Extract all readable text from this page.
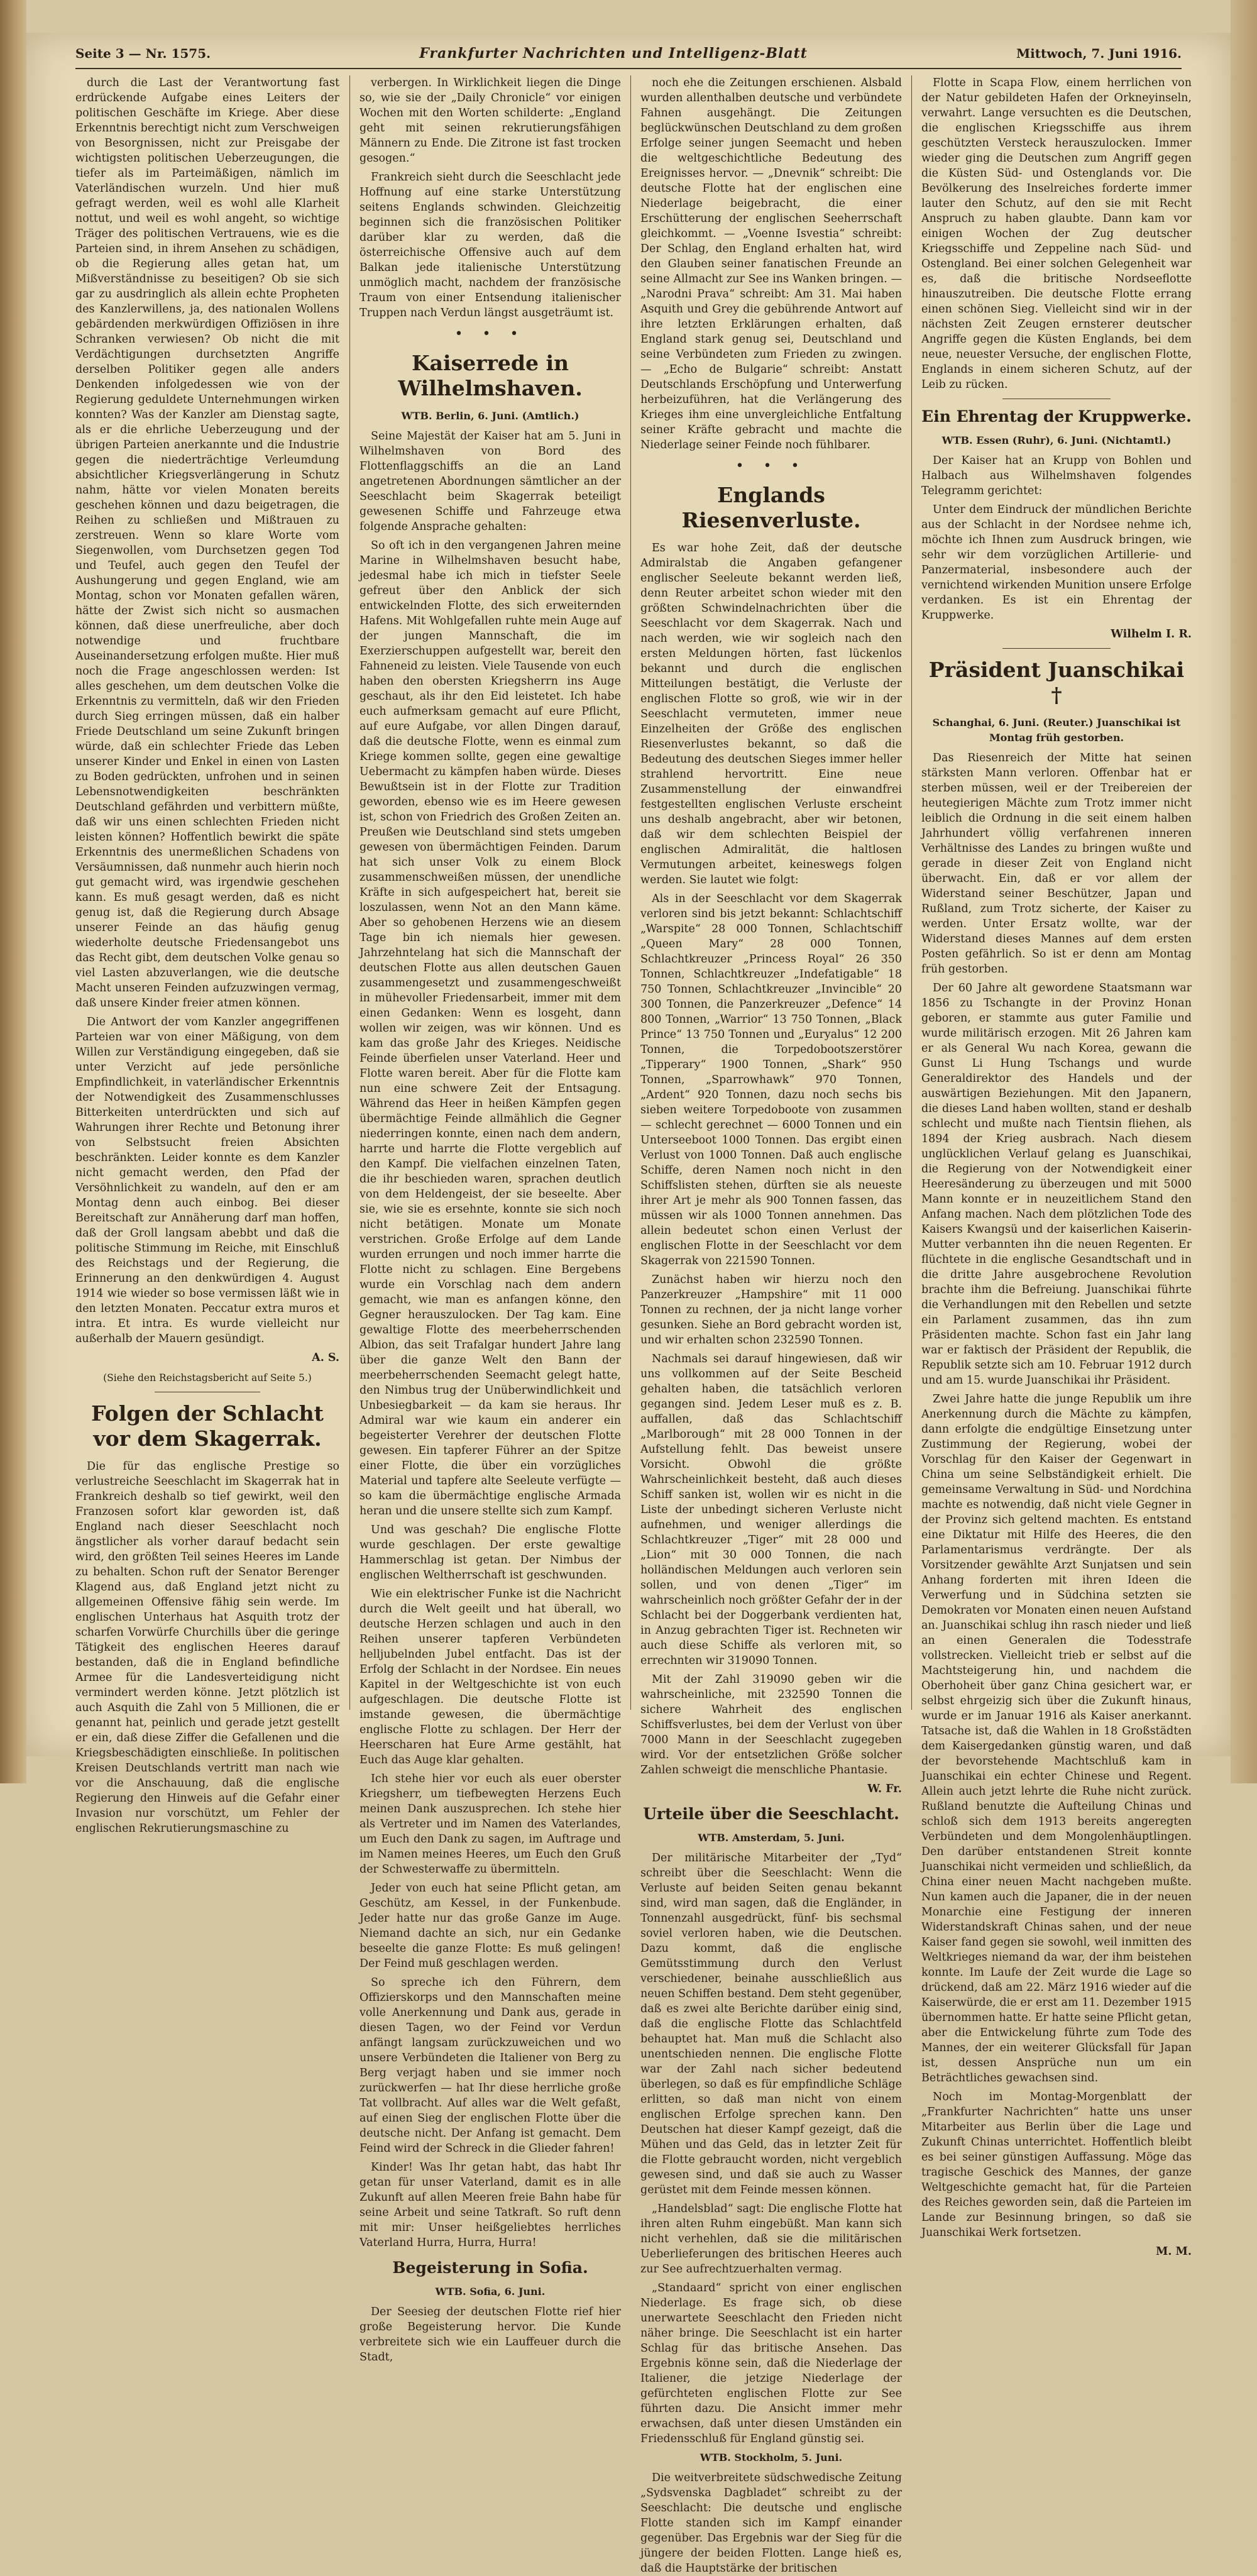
Seite 3 — Nr. 1575.	Frankfurter Nachrichten und Intelligenz-Blatt	Mittwoch, 7. Juni 1916.

durch die Last der Verantwortung fast erdrückende Aufgabe eines Leiters der politischen Geschäfte im Kriege. Aber diese Erkenntnis berechtigt nicht zum Verschweigen von Besorgnissen, nicht zur Preisgabe der wichtigsten politischen Ueberzeugungen, die tiefer als im Parteimäßigen, nämlich im Vaterländischen wurzeln. Und hier muß gefragt werden, weil es wohl alle Klarheit nottut, und weil es wohl angeht, so wichtige Träger des politischen Vertrauens, wie es die Parteien sind, in ihrem Ansehen zu schädigen, ob die Regierung alles getan hat, um Mißverständnisse zu beseitigen? Ob sie sich gar zu ausdringlich als allein echte Propheten des Kanzlerwillens, ja, des nationalen Wollens gebärdenden merkwürdigen Offiziösen in ihre Schranken verwiesen? Ob nicht die mit Verdächtigungen durchsetzten Angriffe derselben Politiker gegen alle anders Denkenden infolgedessen wie von der Regierung geduldete Unternehmungen wirken konnten? Was der Kanzler am Dienstag sagte, als er die ehrliche Ueberzeugung und der übrigen Parteien anerkannte und die Industrie gegen die niederträchtige Verleumdung absichtlicher Kriegsverlängerung in Schutz nahm, hätte vor vielen Monaten bereits geschehen können und dazu beigetragen, die Reihen zu schließen und Mißtrauen zu zerstreuen. Wenn so klare Worte vom Siegenwollen, vom Durchsetzen gegen Tod und Teufel, auch gegen den Teufel der Aushungerung und gegen England, wie am Montag, schon vor Monaten gefallen wären, hätte der Zwist sich nicht so ausmachen können, daß diese unerfreuliche, aber doch notwendige und fruchtbare Auseinandersetzung erfolgen mußte. Hier muß noch die Frage angeschlossen werden: Ist alles geschehen, um dem deutschen Volke die Erkenntnis zu vermitteln, daß wir den Frieden durch Sieg erringen müssen, daß ein halber Friede Deutschland um seine Zukunft bringen würde, daß ein schlechter Friede das Leben unserer Kinder und Enkel in einen von Lasten zu Boden gedrückten, unfrohen und in seinen Lebensnotwendigkeiten beschränkten Deutschland gefährden und verbittern müßte, daß wir uns einen schlechten Frieden nicht leisten können? Hoffentlich bewirkt die späte Erkenntnis des unermeßlichen Schadens von Versäumnissen, daß nunmehr auch hierin noch gut gemacht wird, was irgendwie geschehen kann. Es muß gesagt werden, daß es nicht genug ist, daß die Regierung durch Absage unserer Feinde an das häufig genug wiederholte deutsche Friedensangebot uns das Recht gibt, dem deutschen Volke genau so viel Lasten abzuverlangen, wie die deutsche Macht unseren Feinden aufzuzwingen vermag, daß unsere Kinder freier atmen können.

Die Antwort der vom Kanzler angegriffenen Parteien war von einer Mäßigung, von dem Willen zur Verständigung eingegeben, daß sie unter Verzicht auf jede persönliche Empfindlichkeit, in vaterländischer Erkenntnis der Notwendigkeit des Zusammenschlusses Bitterkeiten unterdrückten und sich auf Wahrungen ihrer Rechte und Betonung ihrer von Selbstsucht freien Absichten beschränkten. Leider konnte es dem Kanzler nicht gemacht werden, den Pfad der Versöhnlichkeit zu wandeln, auf den er am Montag denn auch einbog. Bei dieser Bereitschaft zur Annäherung darf man hoffen, daß der Groll langsam abebbt und daß die politische Stimmung im Reiche, mit Einschluß des Reichstags und der Regierung, die Erinnerung an den denkwürdigen 4. August 1914 wie wieder so bose vermissen läßt wie in den letzten Monaten. Peccatur extra muros et intra. Et intra. Es wurde vielleicht nur außerhalb der Mauern gesündigt.

A. S.
(Siehe den Reichstagsbericht auf Seite 5.)
Folgen der Schlacht vor dem Skagerrak.

Die für das englische Prestige so verlustreiche Seeschlacht im Skagerrak hat in Frankreich deshalb so tief gewirkt, weil den Franzosen sofort klar geworden ist, daß England nach dieser Seeschlacht noch ängstlicher als vorher darauf bedacht sein wird, den größten Teil seines Heeres im Lande zu behalten. Schon ruft der Senator Berenger Klagend aus, daß England jetzt nicht zu allgemeinen Offensive fähig sein werde. Im englischen Unterhaus hat Asquith trotz der scharfen Vorwürfe Churchills über die geringe Tätigkeit des englischen Heeres darauf bestanden, daß die in England befindliche Armee für die Landesverteidigung nicht vermindert werden könne. Jetzt plötzlich ist auch Asquith die Zahl von 5 Millionen, die er genannt hat, peinlich und gerade jetzt gestellt er ein, daß diese Ziffer die Gefallenen und die Kriegsbeschädigten einschließe. In politischen Kreisen Deutschlands vertritt man nach wie vor die Anschauung, daß die englische Regierung den Hinweis auf die Gefahr einer Invasion nur vorschützt, um Fehler der englischen Rekrutierungsmaschine zu

verbergen. In Wirklichkeit liegen die Dinge so, wie sie der „Daily Chronicle“ vor einigen Wochen mit den Worten schilderte: „England geht mit seinen rekrutierungsfähigen Männern zu Ende. Die Zitrone ist fast trocken gesogen.“

Frankreich sieht durch die Seeschlacht jede Hoffnung auf eine starke Unterstützung seitens Englands schwinden. Gleichzeitig beginnen sich die französischen Politiker darüber klar zu werden, daß die österreichische Offensive auch auf dem Balkan jede italienische Unterstützung unmöglich macht, nachdem der französische Traum von einer Entsendung italienischer Truppen nach Verdun längst ausgeträumt ist.

• • •
Kaiserrede in Wilhelmshaven.
WTB. Berlin, 6. Juni. (Amtlich.)

Seine Majestät der Kaiser hat am 5. Juni in Wilhelmshaven von Bord des Flottenflaggschiffs an die an Land angetretenen Abordnungen sämtlicher an der Seeschlacht beim Skagerrak beteiligt gewesenen Schiffe und Fahrzeuge etwa folgende Ansprache gehalten:

So oft ich in den vergangenen Jahren meine Marine in Wilhelmshaven besucht habe, jedesmal habe ich mich in tiefster Seele gefreut über den Anblick der sich entwickelnden Flotte, des sich erweiternden Hafens. Mit Wohlgefallen ruhte mein Auge auf der jungen Mannschaft, die im Exerzierschuppen aufgestellt war, bereit den Fahneneid zu leisten. Viele Tausende von euch haben den obersten Kriegsherrn ins Auge geschaut, als ihr den Eid leistetet. Ich habe euch aufmerksam gemacht auf eure Pflicht, auf eure Aufgabe, vor allen Dingen darauf, daß die deutsche Flotte, wenn es einmal zum Kriege kommen sollte, gegen eine gewaltige Uebermacht zu kämpfen haben würde. Dieses Bewußtsein ist in der Flotte zur Tradition geworden, ebenso wie es im Heere gewesen ist, schon von Friedrich des Großen Zeiten an. Preußen wie Deutschland sind stets umgeben gewesen von übermächtigen Feinden. Darum hat sich unser Volk zu einem Block zusammenschweißen müssen, der unendliche Kräfte in sich aufgespeichert hat, bereit sie loszulassen, wenn Not an den Mann käme. Aber so gehobenen Herzens wie an diesem Tage bin ich niemals hier gewesen. Jahrzehntelang hat sich die Mannschaft der deutschen Flotte aus allen deutschen Gauen zusammengesetzt und zusammengeschweißt in mühevoller Friedensarbeit, immer mit dem einen Gedanken: Wenn es losgeht, dann wollen wir zeigen, was wir können. Und es kam das große Jahr des Krieges. Neidische Feinde überfielen unser Vaterland. Heer und Flotte waren bereit. Aber für die Flotte kam nun eine schwere Zeit der Entsagung. Während das Heer in heißen Kämpfen gegen übermächtige Feinde allmählich die Gegner niederringen konnte, einen nach dem andern, harrte und harrte die Flotte vergeblich auf den Kampf. Die vielfachen einzelnen Taten, die ihr beschieden waren, sprachen deutlich von dem Heldengeist, der sie beseelte. Aber sie, wie sie es ersehnte, konnte sie sich noch nicht betätigen. Monate um Monate verstrichen. Große Erfolge auf dem Lande wurden errungen und noch immer harrte die Flotte nicht zu schlagen. Eine Bergebens wurde ein Vorschlag nach dem andern gemacht, wie man es anfangen könne, den Gegner herauszulocken. Der Tag kam. Eine gewaltige Flotte des meerbeherrschenden Albion, das seit Trafalgar hundert Jahre lang über die ganze Welt den Bann der meerbeherrschenden Seemacht gelegt hatte, den Nimbus trug der Unüberwindlichkeit und Unbesiegbarkeit — da kam sie heraus. Ihr Admiral war wie kaum ein anderer ein begeisterter Verehrer der deutschen Flotte gewesen. Ein tapferer Führer an der Spitze einer Flotte, die über ein vorzügliches Material und tapfere alte Seeleute verfügte — so kam die übermächtige englische Armada heran und die unsere stellte sich zum Kampf.

Und was geschah? Die englische Flotte wurde geschlagen. Der erste gewaltige Hammerschlag ist getan. Der Nimbus der englischen Weltherrschaft ist geschwunden.

Wie ein elektrischer Funke ist die Nachricht durch die Welt geeilt und hat überall, wo deutsche Herzen schlagen und auch in den Reihen unserer tapferen Verbündeten helljubelnden Jubel entfacht. Das ist der Erfolg der Schlacht in der Nordsee. Ein neues Kapitel in der Weltgeschichte ist von euch aufgeschlagen. Die deutsche Flotte ist imstande gewesen, die übermächtige englische Flotte zu schlagen. Der Herr der Heerscharen hat Eure Arme gestählt, hat Euch das Auge klar gehalten.

Ich stehe hier vor euch als euer oberster Kriegsherr, um tiefbewegten Herzens Euch meinen Dank auszusprechen. Ich stehe hier als Vertreter und im Namen des Vaterlandes, um Euch den Dank zu sagen, im Auftrage und im Namen meines Heeres, um Euch den Gruß der Schwesterwaffe zu übermitteln.

Jeder von euch hat seine Pflicht getan, am Geschütz, am Kessel, in der Funkenbude. Jeder hatte nur das große Ganze im Auge. Niemand dachte an sich, nur ein Gedanke beseelte die ganze Flotte: Es muß gelingen! Der Feind muß geschlagen werden.

So spreche ich den Führern, dem Offizierskorps und den Mannschaften meine volle Anerkennung und Dank aus, gerade in diesen Tagen, wo der Feind vor Verdun anfängt langsam zurückzuweichen und wo unsere Verbündeten die Italiener von Berg zu Berg verjagt haben und sie immer noch zurückwerfen — hat Ihr diese herrliche große Tat vollbracht. Auf alles war die Welt gefaßt, auf einen Sieg der englischen Flotte über die deutsche nicht. Der Anfang ist gemacht. Dem Feind wird der Schreck in die Glieder fahren!

Kinder! Was Ihr getan habt, das habt Ihr getan für unser Vaterland, damit es in alle Zukunft auf allen Meeren freie Bahn habe für seine Arbeit und seine Tatkraft. So ruft denn mit mir: Unser heißgeliebtes herrliches Vaterland Hurra, Hurra, Hurra!

Begeisterung in Sofia.
WTB. Sofia, 6. Juni.

Der Seesieg der deutschen Flotte rief hier große Begeisterung hervor. Die Kunde verbreitete sich wie ein Lauffeuer durch die Stadt,

noch ehe die Zeitungen erschienen. Alsbald wurden allenthalben deutsche und verbündete Fahnen ausgehängt. Die Zeitungen beglückwünschen Deutschland zu dem großen Erfolge seiner jungen Seemacht und heben die weltgeschichtliche Bedeutung des Ereignisses hervor. — „Dnevnik“ schreibt: Die deutsche Flotte hat der englischen eine Niederlage beigebracht, die einer Erschütterung der englischen Seeherrschaft gleichkommt. — „Voenne Isvestia“ schreibt: Der Schlag, den England erhalten hat, wird den Glauben seiner fanatischen Freunde an seine Allmacht zur See ins Wanken bringen. — „Narodni Prava“ schreibt: Am 31. Mai haben Asquith und Grey die gebührende Antwort auf ihre letzten Erklärungen erhalten, daß England stark genug sei, Deutschland und seine Verbündeten zum Frieden zu zwingen. — „Echo de Bulgarie“ schreibt: Anstatt Deutschlands Erschöpfung und Unterwerfung herbeizuführen, hat die Verlängerung des Krieges ihm eine unvergleichliche Entfaltung seiner Kräfte gebracht und machte die Niederlage seiner Feinde noch fühlbarer.

• • •
Englands Riesenverluste.

Es war hohe Zeit, daß der deutsche Admiralstab die Angaben gefangener englischer Seeleute bekannt werden ließ, denn Reuter arbeitet schon wieder mit den größten Schwindelnachrichten über die Seeschlacht vor dem Skagerrak. Nach und nach werden, wie wir sogleich nach den ersten Meldungen hörten, fast lückenlos bekannt und durch die englischen Mitteilungen bestätigt, die Verluste der englischen Flotte so groß, wie wir in der Seeschlacht vermuteten, immer neue Einzelheiten der Größe des englischen Riesenverlustes bekannt, so daß die Bedeutung des deutschen Sieges immer heller strahlend hervortritt. Eine neue Zusammenstellung der einwandfrei festgestellten englischen Verluste erscheint uns deshalb angebracht, aber wir betonen, daß wir dem schlechten Beispiel der englischen Admiralität, die haltlosen Vermutungen arbeitet, keineswegs folgen werden. Sie lautet wie folgt:

Als in der Seeschlacht vor dem Skagerrak verloren sind bis jetzt bekannt: Schlachtschiff „Warspite“ 28 000 Tonnen, Schlachtschiff „Queen Mary“ 28 000 Tonnen, Schlachtkreuzer „Princess Royal“ 26 350 Tonnen, Schlachtkreuzer „Indefatigable“ 18 750 Tonnen, Schlachtkreuzer „Invincible“ 20 300 Tonnen, die Panzerkreuzer „Defence“ 14 800 Tonnen, „Warrior“ 13 750 Tonnen, „Black Prince“ 13 750 Tonnen und „Euryalus“ 12 200 Tonnen, die Torpedobootszerstörer „Tipperary“ 1900 Tonnen, „Shark“ 950 Tonnen, „Sparrowhawk“ 970 Tonnen, „Ardent“ 920 Tonnen, dazu noch sechs bis sieben weitere Torpedoboote von zusammen — schlecht gerechnet — 6000 Tonnen und ein Unterseeboot 1000 Tonnen. Das ergibt einen Verlust von 1000 Tonnen. Daß auch englische Schiffe, deren Namen noch nicht in den Schiffslisten stehen, dürften sie als neueste ihrer Art je mehr als 900 Tonnen fassen, das müssen wir als 1000 Tonnen annehmen. Das allein bedeutet schon einen Verlust der englischen Flotte in der Seeschlacht vor dem Skagerrak von 221590 Tonnen.

Zunächst haben wir hierzu noch den Panzerkreuzer „Hampshire“ mit 11 000 Tonnen zu rechnen, der ja nicht lange vorher gesunken. Siehe an Bord gebracht worden ist, und wir erhalten schon 232590 Tonnen.

Nachmals sei darauf hingewiesen, daß wir uns vollkommen auf der Seite Bescheid gehalten haben, die tatsächlich verloren gegangen sind. Jedem Leser muß es z. B. auffallen, daß das Schlachtschiff „Marlborough“ mit 28 000 Tonnen in der Aufstellung fehlt. Das beweist unsere Vorsicht. Obwohl die größte Wahrscheinlichkeit besteht, daß auch dieses Schiff sanken ist, wollen wir es nicht in die Liste der unbedingt sicheren Verluste nicht aufnehmen, und weniger allerdings die Schlachtkreuzer „Tiger“ mit 28 000 und „Lion“ mit 30 000 Tonnen, die nach holländischen Meldungen auch verloren sein sollen, und von denen „Tiger“ im wahrscheinlich noch größter Gefahr der in der Schlacht bei der Doggerbank verdienten hat, in Anzug gebrachten Tiger ist. Rechneten wir auch diese Schiffe als verloren mit, so errechnten wir 319090 Tonnen.

Mit der Zahl 319090 geben wir die wahrscheinliche, mit 232590 Tonnen die sichere Wahrheit des englischen Schiffsverlustes, bei dem der Verlust von über 7000 Mann in der Seeschlacht zugegeben wird. Vor der entsetzlichen Größe solcher Zahlen schweigt die menschliche Phantasie.

W. Fr.
Urteile über die Seeschlacht.
WTB. Amsterdam, 5. Juni.

Der militärische Mitarbeiter der „Tyd“ schreibt über die Seeschlacht: Wenn die Verluste auf beiden Seiten genau bekannt sind, wird man sagen, daß die Engländer, in Tonnenzahl ausgedrückt, fünf- bis sechsmal soviel verloren haben, wie die Deutschen. Dazu kommt, daß die englische Gemütsstimmung durch den Verlust verschiedener, beinahe ausschließlich aus neuen Schiffen bestand. Dem steht gegenüber, daß es zwei alte Berichte darüber einig sind, daß die englische Flotte das Schlachtfeld behauptet hat. Man muß die Schlacht also unentschieden nennen. Die englische Flotte war der Zahl nach sicher bedeutend überlegen, so daß es für empfindliche Schläge erlitten, so daß man nicht von einem englischen Erfolge sprechen kann. Den Deutschen hat dieser Kampf gezeigt, daß die Mühen und das Geld, das in letzter Zeit für die Flotte gebraucht worden, nicht vergeblich gewesen sind, und daß sie auch zu Wasser gerüstet mit dem Feinde messen können.

„Handelsblad“ sagt: Die englische Flotte hat ihren alten Ruhm eingebüßt. Man kann sich nicht verhehlen, daß sie die militärischen Ueberlieferungen des britischen Heeres auch zur See aufrechtzuerhalten vermag.

„Standaard“ spricht von einer englischen Niederlage. Es frage sich, ob diese unerwartete Seeschlacht den Frieden nicht näher bringe. Die Seeschlacht ist ein harter Schlag für das britische Ansehen. Das Ergebnis könne sein, daß die Niederlage der Italiener, die jetzige Niederlage der gefürchteten englischen Flotte zur See führten dazu. Die Ansicht immer mehr erwachsen, daß unter diesen Umständen ein Friedensschluß für England günstig sei.

WTB. Stockholm, 5. Juni.

Die weitverbreitete südschwedische Zeitung „Sydsvenska Dagbladet“ schreibt zu der Seeschlacht: Die deutsche und englische Flotte standen sich im Kampf einander gegenüber. Das Ergebnis war der Sieg für die jüngere der beiden Flotten. Lange hieß es, daß die Hauptstärke der britischen

Flotte in Scapa Flow, einem herrlichen von der Natur gebildeten Hafen der Orkneyinseln, verwahrt. Lange versuchten es die Deutschen, die englischen Kriegsschiffe aus ihrem geschützten Versteck herauszulocken. Immer wieder ging die Deutschen zum Angriff gegen die Küsten Süd- und Ostenglands vor. Die Bevölkerung des Inselreiches forderte immer lauter den Schutz, auf den sie mit Recht Anspruch zu haben glaubte. Dann kam vor einigen Wochen der Zug deutscher Kriegsschiffe und Zeppeline nach Süd- und Ostengland. Bei einer solchen Gelegenheit war es, daß die britische Nordseeflotte hinauszutreiben. Die deutsche Flotte errang einen schönen Sieg. Vielleicht sind wir in der nächsten Zeit Zeugen ernsterer deutscher Angriffe gegen die Küsten Englands, bei dem neue, neuester Versuche, der englischen Flotte, Englands in einem sicheren Schutz, auf der Leib zu rücken.

Ein Ehrentag der Kruppwerke.
WTB. Essen (Ruhr), 6. Juni. (Nichtamtl.)

Der Kaiser hat an Krupp von Bohlen und Halbach aus Wilhelmshaven folgendes Telegramm gerichtet:

Unter dem Eindruck der mündlichen Berichte aus der Schlacht in der Nordsee nehme ich, möchte ich Ihnen zum Ausdruck bringen, wie sehr wir dem vorzüglichen Artillerie- und Panzermaterial, insbesondere auch der vernichtend wirkenden Munition unsere Erfolge verdanken. Es ist ein Ehrentag der Kruppwerke.

Wilhelm I. R.
Präsident Juanschikai †
Schanghai, 6. Juni. (Reuter.) Juanschikai ist Montag früh gestorben.

Das Riesenreich der Mitte hat seinen stärksten Mann verloren. Offenbar hat er sterben müssen, weil er der Treibereien der heutegierigen Mächte zum Trotz immer nicht leiblich die Ordnung in die seit einem halben Jahrhundert völlig verfahrenen inneren Verhältnisse des Landes zu bringen wußte und gerade in dieser Zeit von England nicht überwacht. Ein, daß er vor allem der Widerstand seiner Beschützer, Japan und Rußland, zum Trotz sicherte, der Kaiser zu werden. Unter Ersatz wollte, war der Widerstand dieses Mannes auf dem ersten Posten gefährlich. So ist er denn am Montag früh gestorben.

Der 60 Jahre alt gewordene Staatsmann war 1856 zu Tschangte in der Provinz Honan geboren, er stammte aus guter Familie und wurde militärisch erzogen. Mit 26 Jahren kam er als General Wu nach Korea, gewann die Gunst Li Hung Tschangs und wurde Generaldirektor des Handels und der auswärtigen Beziehungen. Mit den Japanern, die dieses Land haben wollten, stand er deshalb schlecht und mußte nach Tientsin fliehen, als 1894 der Krieg ausbrach. Nach diesem unglücklichen Verlauf gelang es Juanschikai, die Regierung von der Notwendigkeit einer Heeresänderung zu überzeugen und mit 5000 Mann konnte er in neuzeitlichem Stand den Anfang machen. Nach dem plötzlichen Tode des Kaisers Kwangsü und der kaiserlichen Kaiserin-Mutter verbannten ihn die neuen Regenten. Er flüchtete in die englische Gesandtschaft und in die dritte Jahre ausgebrochene Revolution brachte ihm die Befreiung. Juanschikai führte die Verhandlungen mit den Rebellen und setzte ein Parlament zusammen, das ihn zum Präsidenten machte. Schon fast ein Jahr lang war er faktisch der Präsident der Republik, die Republik setzte sich am 10. Februar 1912 durch und am 15. wurde Juanschikai ihr Präsident.

Zwei Jahre hatte die junge Republik um ihre Anerkennung durch die Mächte zu kämpfen, dann erfolgte die endgültige Einsetzung unter Zustimmung der Regierung, wobei der Vorschlag für den Kaiser der Gegenwart in China um seine Selbständigkeit erhielt. Die gemeinsame Verwaltung in Süd- und Nordchina machte es notwendig, daß nicht viele Gegner in der Provinz sich geltend machten. Es entstand eine Diktatur mit Hilfe des Heeres, die den Parlamentarismus verdrängte. Der als Vorsitzender gewählte Arzt Sunjatsen und sein Anhang forderten mit ihren Ideen die Verwerfung und in Südchina setzten sie Demokraten vor Monaten einen neuen Aufstand an. Juanschikai schlug ihn rasch nieder und ließ an einen Generalen die Todesstrafe vollstrecken. Vielleicht trieb er selbst auf die Machtsteigerung hin, und nachdem die Oberhoheit über ganz China gesichert war, er selbst ehrgeizig sich über die Zukunft hinaus, wurde er im Januar 1916 als Kaiser anerkannt. Tatsache ist, daß die Wahlen in 18 Großstädten dem Kaisergedanken günstig waren, und daß der bevorstehende Machtschluß kam in Juanschikai ein echter Chinese und Regent. Allein auch jetzt lehrte die Ruhe nicht zurück. Rußland benutzte die Aufteilung Chinas und schloß sich dem 1913 bereits angeregten Verbündeten und dem Mongolenhäuptlingen. Den darüber entstandenen Streit konnte Juanschikai nicht vermeiden und schließlich, da China einer neuen Macht nachgeben mußte. Nun kamen auch die Japaner, die in der neuen Monarchie eine Festigung der inneren Widerstandskraft Chinas sahen, und der neue Kaiser fand gegen sie sowohl, weil inmitten des Weltkrieges niemand da war, der ihm beistehen konnte. Im Laufe der Zeit wurde die Lage so drückend, daß am 22. März 1916 wieder auf die Kaiserwürde, die er erst am 11. Dezember 1915 übernommen hatte. Er hatte seine Pflicht getan, aber die Entwickelung führte zum Tode des Mannes, der ein weiterer Glücksfall für Japan ist, dessen Ansprüche nun um ein Beträchtliches gewachsen sind.

Noch im Montag-Morgenblatt der „Frankfurter Nachrichten“ hatte uns unser Mitarbeiter aus Berlin über die Lage und Zukunft Chinas unterrichtet. Hoffentlich bleibt es bei seiner günstigen Auffassung. Möge das tragische Geschick des Mannes, der ganze Weltgeschichte gemacht hat, für die Parteien des Reiches geworden sein, daß die Parteien im Lande zur Besinnung bringen, so daß sie Juanschikai Werk fortsetzen.

M. M.
